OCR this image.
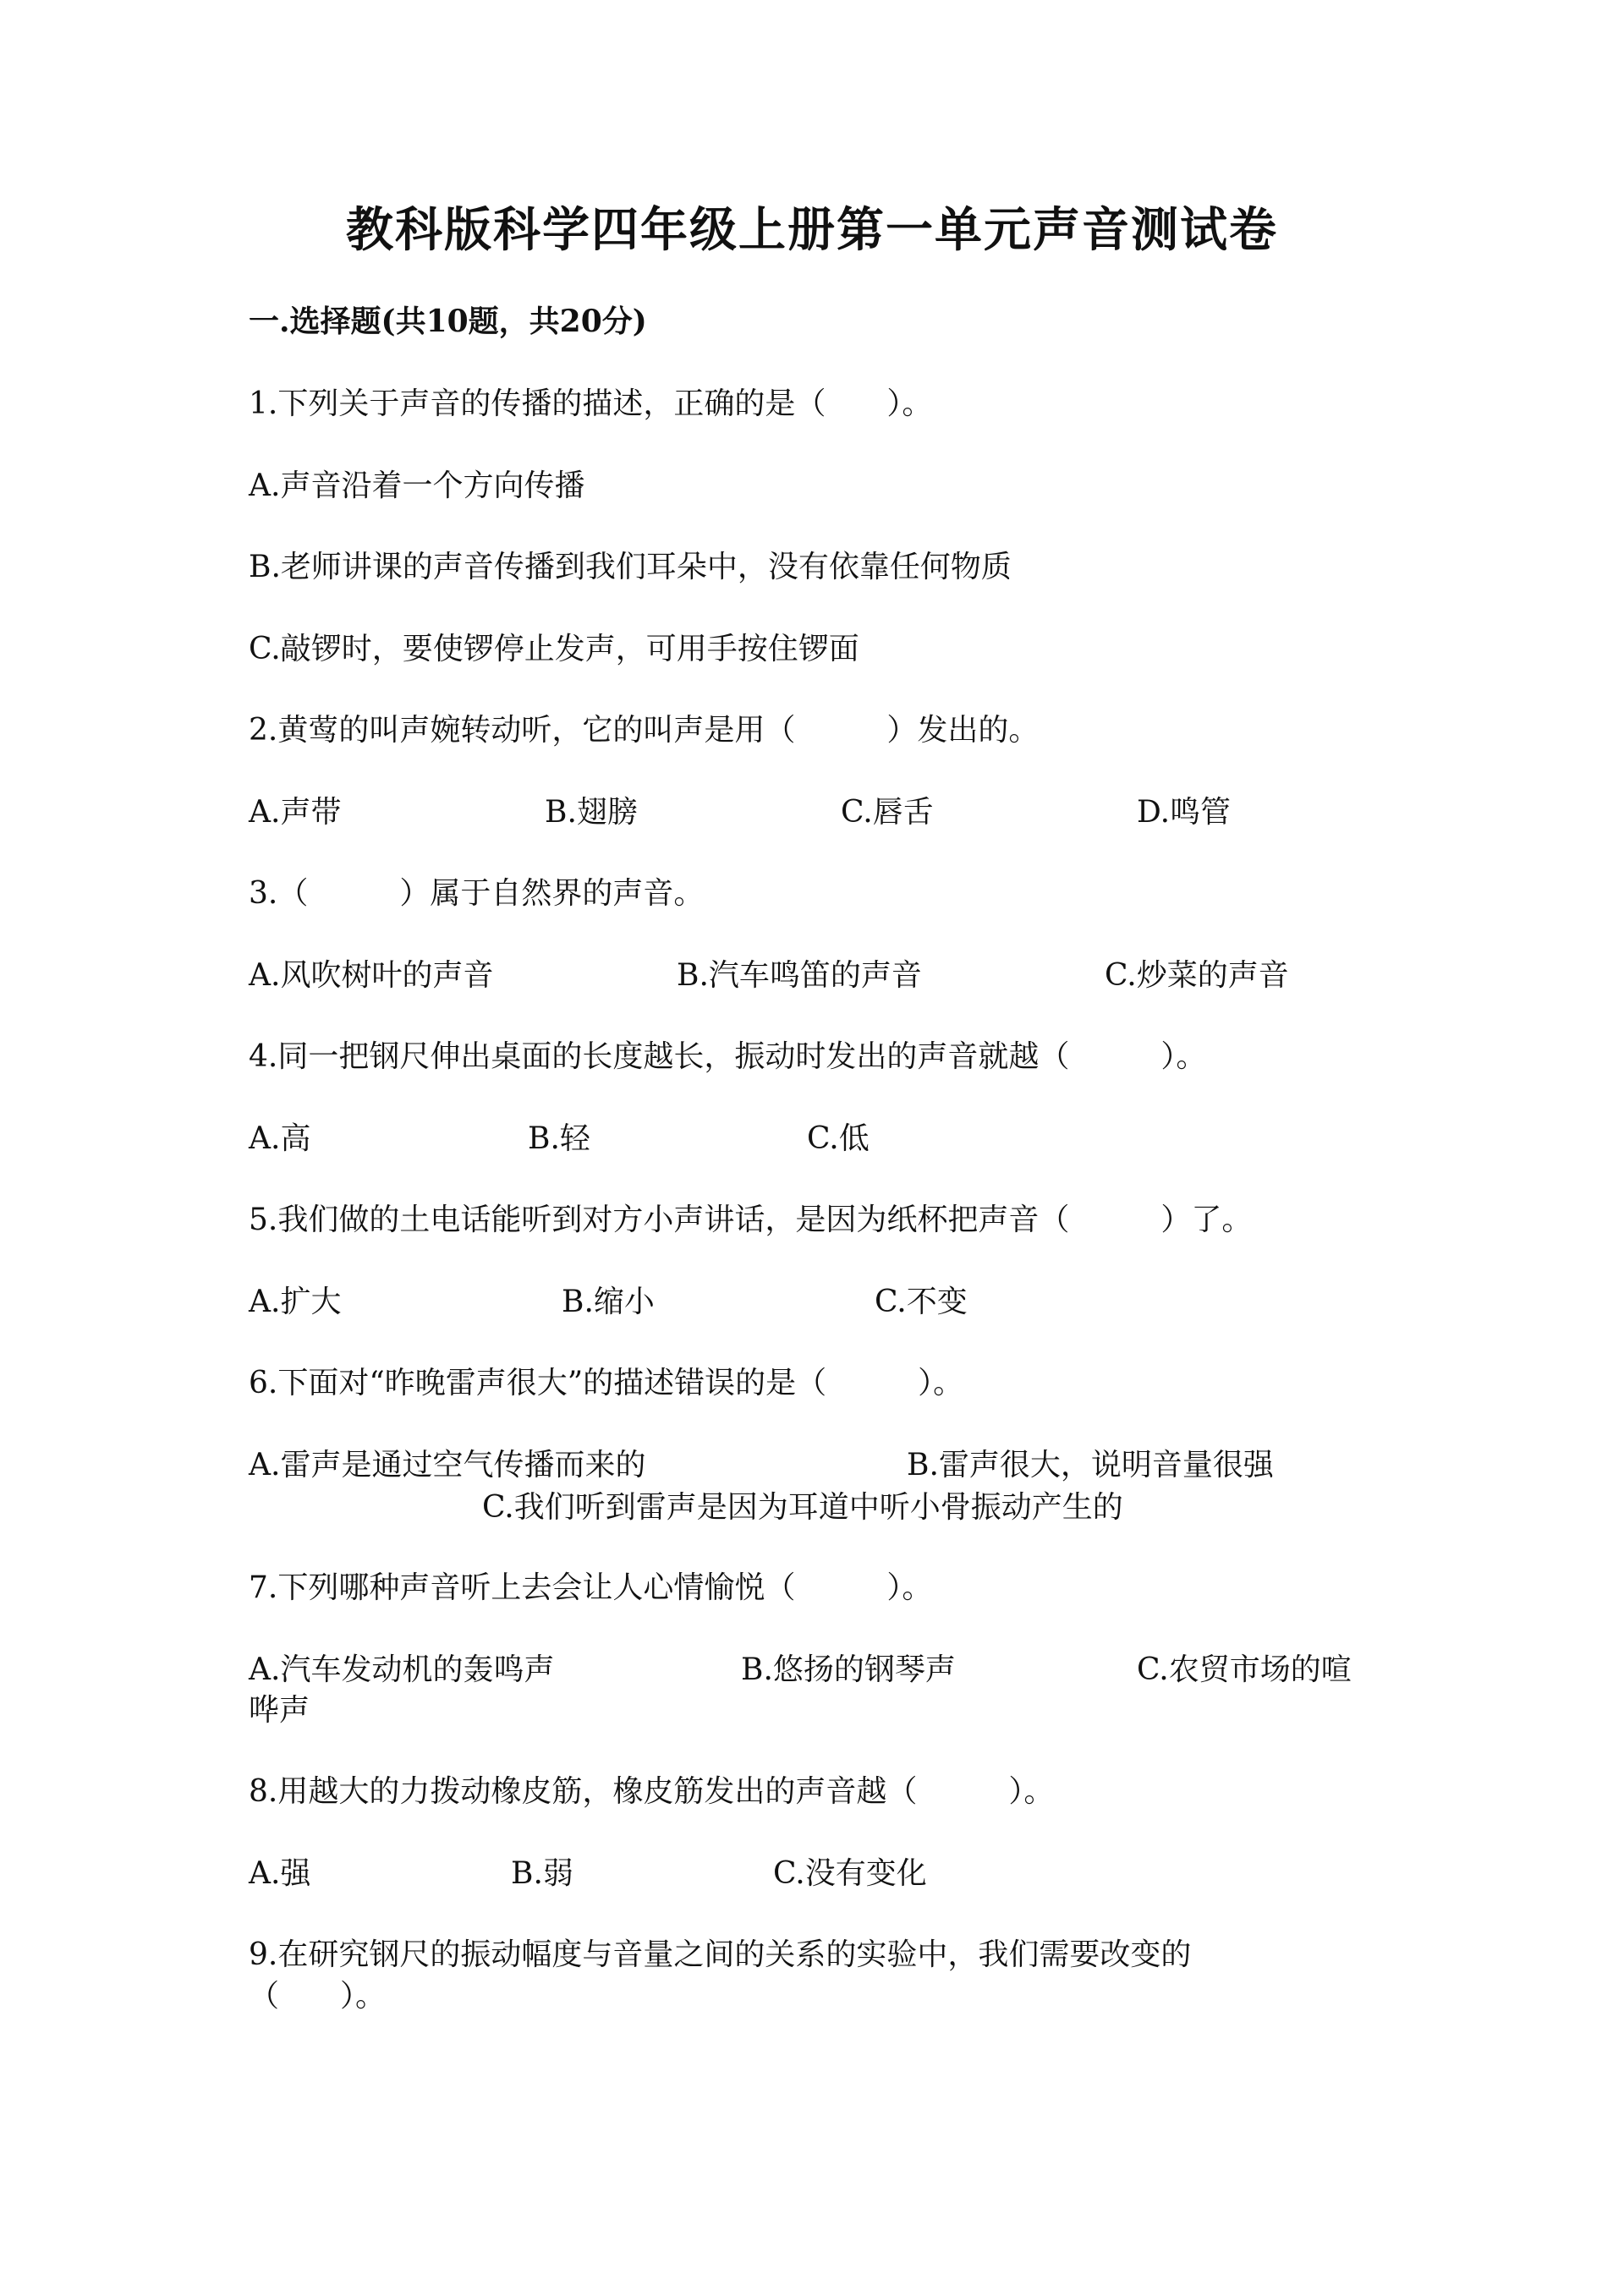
教科版科学四年级上册第一单元声音测试卷
一.选择题(共10题，共20分)
1.下列关于声音的传播的描述，正确的是（　　）。
A.声音沿着一个方向传播
B.老师讲课的声音传播到我们耳朵中，没有依靠任何物质
C.敲锣时，要使锣停止发声，可用手按住锣面
2.黄莺的叫声婉转动听，它的叫声是用（　　　）发出的。
A.声带	B.翅膀	C.唇舌	D.鸣管
3.（　　　）属于自然界的声音。
A.风吹树叶的声音	B.汽车鸣笛的声音	C.炒菜的声音
4.同一把钢尺伸出桌面的长度越长，振动时发出的声音就越（　　　）。
A.高	B.轻	C.低
5.我们做的土电话能听到对方小声讲话，是因为纸杯把声音（　　　）了。
A.扩大	B.缩小	C.不变
6.下面对“昨晚雷声很大”的描述错误的是（　　　）。
A.雷声是通过空气传播而来的	B.雷声很大，说明音量很强
C.我们听到雷声是因为耳道中听小骨振动产生的
7.下列哪种声音听上去会让人心情愉悦（　　　）。
A.汽车发动机的轰鸣声	B.悠扬的钢琴声	C.农贸市场的喧
哗声
8.用越大的力拨动橡皮筋，橡皮筋发出的声音越（　　　）。
A.强	B.弱	C.没有变化
9.在研究钢尺的振动幅度与音量之间的关系的实验中，我们需要改变的
（　　）。
